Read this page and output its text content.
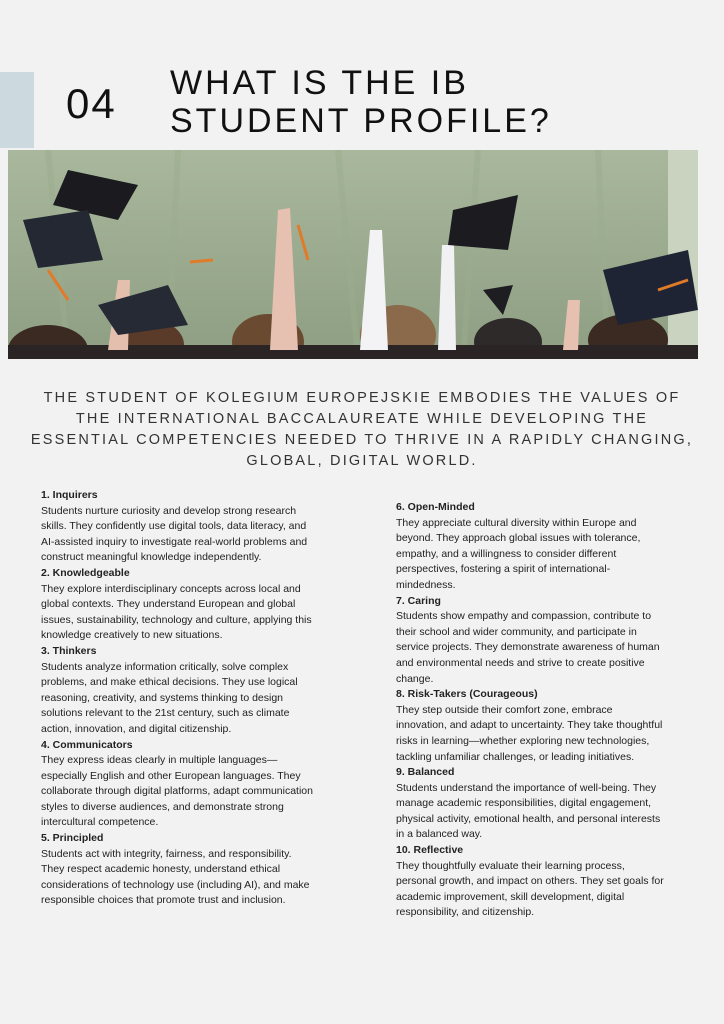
04 WHAT IS THE IB
STUDENT PROFILE?
THE STUDENT OF KOLEGIUM EUROPEJSKIE EMBODIES THE VALUES OF THE INTERNATIONAL BACCALAUREATE WHILE DEVELOPING THE ESSENTIAL COMPETENCIES NEEDED TO THRIVE IN A RAPIDLY CHANGING, GLOBAL, DIGITAL WORLD.
1. Inquirers

Students nurture curiosity and develop strong research skills. They confidently use digital tools, data literacy, and AI-assisted inquiry to investigate real-world problems and construct meaningful knowledge independently.

2. Knowledgeable

They explore interdisciplinary concepts across local and global contexts. They understand European and global issues, sustainability, technology and culture, applying this knowledge creatively to new situations.

3. Thinkers

Students analyze information critically, solve complex problems, and make ethical decisions. They use logical reasoning, creativity, and systems thinking to design solutions relevant to the 21st century, such as climate action, innovation, and digital citizenship.

4. Communicators

They express ideas clearly in multiple languages—especially English and other European languages. They collaborate through digital platforms, adapt communication styles to diverse audiences, and demonstrate strong intercultural competence.

5. Principled

Students act with integrity, fairness, and responsibility. They respect academic honesty, understand ethical considerations of technology use (including AI), and make responsible choices that promote trust and inclusion.

6. Open-Minded

They appreciate cultural diversity within Europe and beyond. They approach global issues with tolerance, empathy, and a willingness to consider different perspectives, fostering a spirit of international-mindedness.

7. Caring

Students show empathy and compassion, contribute to their school and wider community, and participate in service projects. They demonstrate awareness of human and environmental needs and strive to create positive change.

8. Risk-Takers (Courageous)

They step outside their comfort zone, embrace innovation, and adapt to uncertainty. They take thoughtful risks in learning—whether exploring new technologies, tackling unfamiliar challenges, or leading initiatives.

9. Balanced

Students understand the importance of well-being. They manage academic responsibilities, digital engagement, physical activity, emotional health, and personal interests in a balanced way.

10. Reflective

They thoughtfully evaluate their learning process, personal growth, and impact on others. They set goals for academic improvement, skill development, digital responsibility, and citizenship.
